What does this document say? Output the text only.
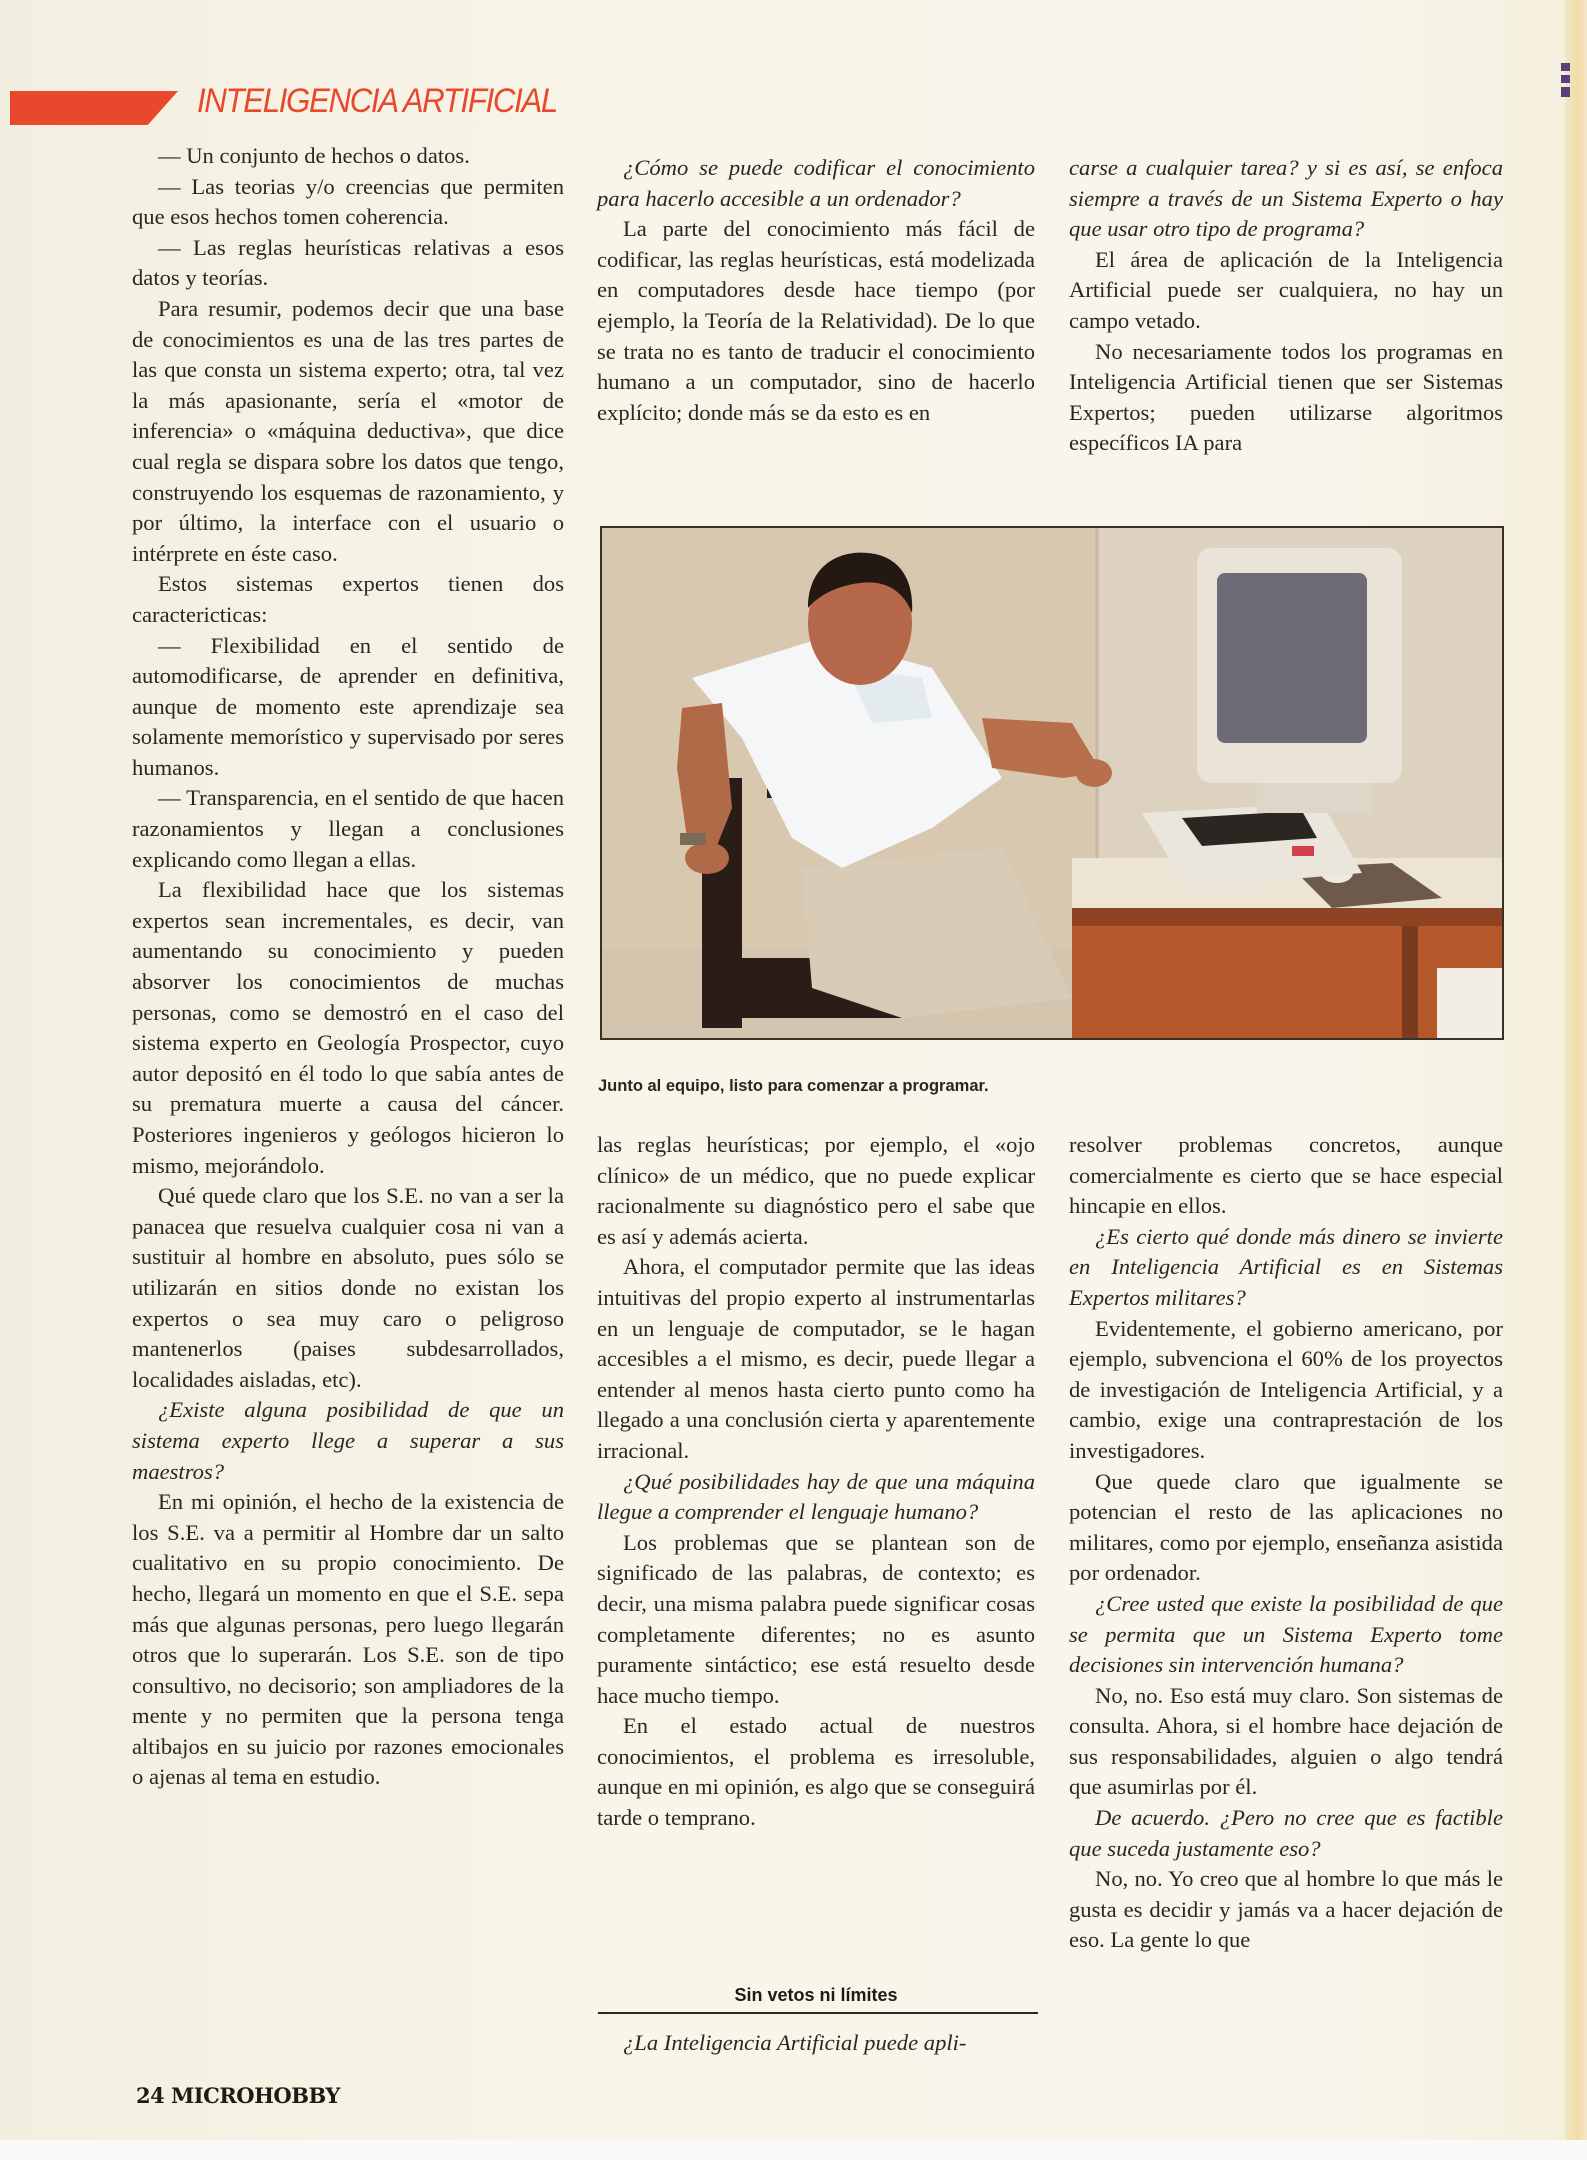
INTELIGENCIA ARTIFICIAL

— Un conjunto de hechos o datos.

— Las teorias y/o creencias que permiten que esos hechos tomen coherencia.

— Las reglas heurísticas relativas a esos datos y teorías.

Para resumir, podemos decir que una base de conocimientos es una de las tres partes de las que consta un sistema experto; otra, tal vez la más apasionante, sería el «motor de inferencia» o «máquina deductiva», que dice cual regla se dispara sobre los datos que tengo, construyendo los esquemas de razonamiento, y por último, la interface con el usuario o intérprete en éste caso.

Estos sistemas expertos tienen dos caractericticas:

— Flexibilidad en el sentido de automodificarse, de aprender en definitiva, aunque de momento este aprendizaje sea solamente memorístico y supervisado por seres humanos.

— Transparencia, en el sentido de que hacen razonamientos y llegan a conclusiones explicando como llegan a ellas.

La flexibilidad hace que los sistemas expertos sean incrementales, es decir, van aumentando su conocimiento y pueden absorver los conocimientos de muchas personas, como se demostró en el caso del sistema experto en Geología Prospector, cuyo autor depositó en él todo lo que sabía antes de su prematura muerte a causa del cáncer. Posteriores ingenieros y geólogos hicieron lo mismo, mejorándolo.

Qué quede claro que los S.E. no van a ser la panacea que resuelva cualquier cosa ni van a sustituir al hombre en absoluto, pues sólo se utilizarán en sitios donde no existan los expertos o sea muy caro o peligroso mantenerlos (paises subdesarrollados, localidades aisladas, etc).

¿Existe alguna posibilidad de que un sistema experto llege a superar a sus maestros?

En mi opinión, el hecho de la existencia de los S.E. va a permitir al Hombre dar un salto cualitativo en su propio conocimiento. De hecho, llegará un momento en que el S.E. sepa más que algunas personas, pero luego llegarán otros que lo superarán. Los S.E. son de tipo consultivo, no decisorio; son ampliadores de la mente y no permiten que la persona tenga altibajos en su juicio por razones emocionales o ajenas al tema en estudio.

¿Cómo se puede codificar el conocimiento para hacerlo accesible a un ordenador?

La parte del conocimiento más fácil de codificar, las reglas heurísticas, está modelizada en computadores desde hace tiempo (por ejemplo, la Teoría de la Relatividad). De lo que se trata no es tanto de traducir el conocimiento humano a un computador, sino de hacerlo explícito; donde más se da esto es en

carse a cualquier tarea? y si es así, se enfoca siempre a través de un Sistema Experto o hay que usar otro tipo de programa?

El área de aplicación de la Inteligencia Artificial puede ser cualquiera, no hay un campo vetado.

No necesariamente todos los programas en Inteligencia Artificial tienen que ser Sistemas Expertos; pueden utilizarse algoritmos específicos IA para

Junto al equipo, listo para comenzar a programar.

las reglas heurísticas; por ejemplo, el «ojo clínico» de un médico, que no puede explicar racionalmente su diagnóstico pero el sabe que es así y además acierta.

Ahora, el computador permite que las ideas intuitivas del propio experto al instrumentarlas en un lenguaje de computador, se le hagan accesibles a el mismo, es decir, puede llegar a entender al menos hasta cierto punto como ha llegado a una conclusión cierta y aparentemente irracional.

¿Qué posibilidades hay de que una máquina llegue a comprender el lenguaje humano?

Los problemas que se plantean son de significado de las palabras, de contexto; es decir, una misma palabra puede significar cosas completamente diferentes; no es asunto puramente sintáctico; ese está resuelto desde hace mucho tiempo.

En el estado actual de nuestros conocimientos, el problema es irresoluble, aunque en mi opinión, es algo que se conseguirá tarde o temprano.

Sin vetos ni límites

¿La Inteligencia Artificial puede apli-

resolver problemas concretos, aunque comercialmente es cierto que se hace especial hincapie en ellos.

¿Es cierto qué donde más dinero se invierte en Inteligencia Artificial es en Sistemas Expertos militares?

Evidentemente, el gobierno americano, por ejemplo, subvenciona el 60% de los proyectos de investigación de Inteligencia Artificial, y a cambio, exige una contraprestación de los investigadores.

Que quede claro que igualmente se potencian el resto de las aplicaciones no militares, como por ejemplo, enseñanza asistida por ordenador.

¿Cree usted que existe la posibilidad de que se permita que un Sistema Experto tome decisiones sin intervención humana?

No, no. Eso está muy claro. Son sistemas de consulta. Ahora, si el hombre hace dejación de sus responsabilidades, alguien o algo tendrá que asumirlas por él.

De acuerdo. ¿Pero no cree que es factible que suceda justamente eso?

No, no. Yo creo que al hombre lo que más le gusta es decidir y jamás va a hacer dejación de eso. La gente lo que

24 MICROHOBBY
